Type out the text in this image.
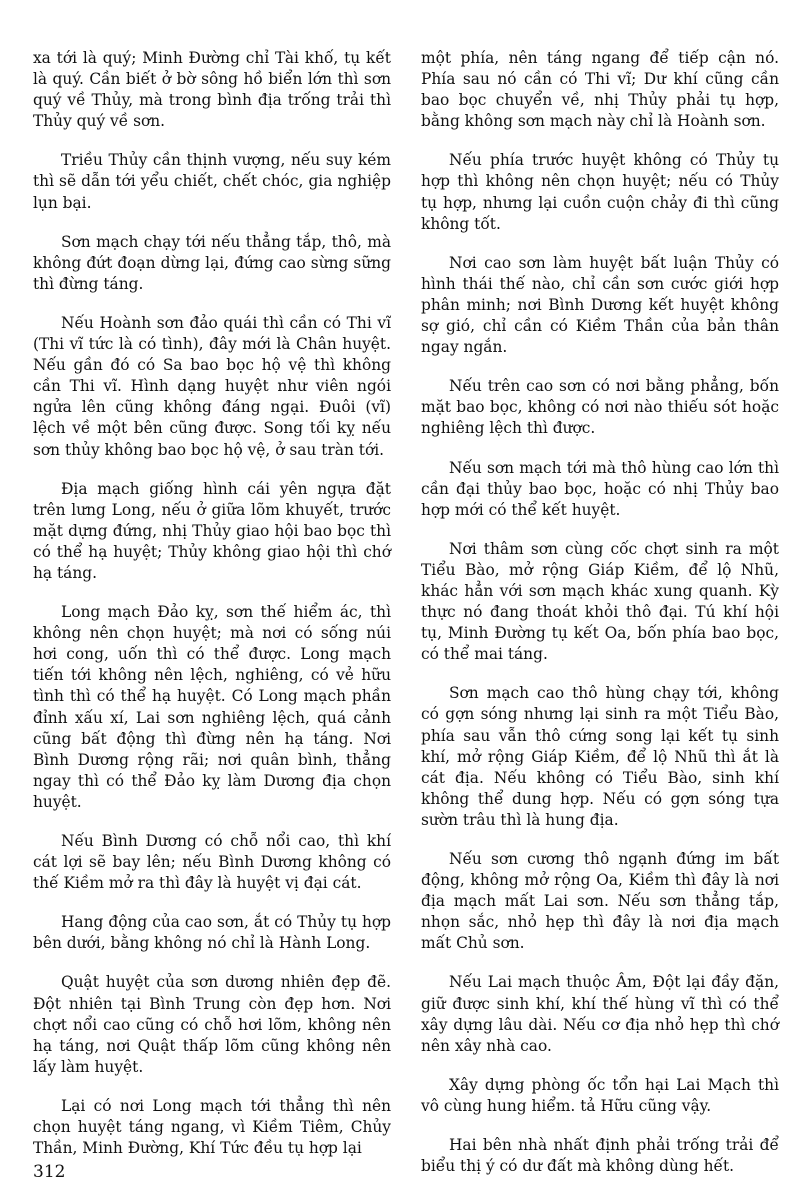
xa tới là quý; Minh Đường chỉ Tài khố, tụ kết là quý. Cần biết ở bờ sông hồ biển lớn thì sơn quý về Thủy, mà trong bình địa trống trải thì Thủy quý về sơn.

Triều Thủy cần thịnh vượng, nếu suy kém thì sẽ dẫn tới yểu chiết, chết chóc, gia nghiệp lụn bại.

Sơn mạch chạy tới nếu thẳng tắp, thô, mà không đứt đoạn dừng lại, đứng cao sừng sững thì đừng táng.

Nếu Hoành sơn đảo quái thì cần có Thi vĩ (Thi vĩ tức là có tình), đây mới là Chân huyệt. Nếu gần đó có Sa bao bọc hộ vệ thì không cần Thi vĩ. Hình dạng huyệt như viên ngói ngửa lên cũng không đáng ngại. Đuôi (vĩ) lệch về một bên cũng được. Song tối kỵ nếu sơn thủy không bao bọc hộ vệ, ở sau tràn tới.

Địa mạch giống hình cái yên ngựa đặt trên lưng Long, nếu ở giữa lõm khuyết, trước mặt dựng đứng, nhị Thủy giao hội bao bọc thì có thể hạ huyệt; Thủy không giao hội thì chớ hạ táng.

Long mạch Đảo kỵ, sơn thế hiểm ác, thì không nên chọn huyệt; mà nơi có sống núi hơi cong, uốn thì có thể được. Long mạch tiến tới không nên lệch, nghiêng, có vẻ hữu tình thì có thể hạ huyệt. Có Long mạch phần đỉnh xấu xí, Lai sơn nghiêng lệch, quá cảnh cũng bất động thì đừng nên hạ táng. Nơi Bình Dương rộng rãi; nơi quân bình, thẳng ngay thì có thể Đảo kỵ làm Dương địa chọn huyệt.

Nếu Bình Dương có chỗ nổi cao, thì khí cát lợi sẽ bay lên; nếu Bình Dương không có thế Kiềm mở ra thì đây là huyệt vị đại cát.

Hang động của cao sơn, ắt có Thủy tụ hợp bên dưới, bằng không nó chỉ là Hành Long.

Quật huyệt của sơn dương nhiên đẹp đẽ. Đột nhiên tại Bình Trung còn đẹp hơn. Nơi chợt nổi cao cũng có chỗ hơi lõm, không nên hạ táng, nơi Quật thấp lõm cũng không nên lấy làm huyệt.

Lại có nơi Long mạch tới thẳng thì nên chọn huyệt táng ngang, vì Kiềm Tiêm, Chủy Thần, Minh Đường, Khí Tức đều tụ hợp lại

một phía, nên táng ngang để tiếp cận nó. Phía sau nó cần có Thi vĩ; Dư khí cũng cần bao bọc chuyển về, nhị Thủy phải tụ hợp, bằng không sơn mạch này chỉ là Hoành sơn.

Nếu phía trước huyệt không có Thủy tụ hợp thì không nên chọn huyệt; nếu có Thủy tụ hợp, nhưng lại cuồn cuộn chảy đi thì cũng không tốt.

Nơi cao sơn làm huyệt bất luận Thủy có hình thái thế nào, chỉ cần sơn cước giới hợp phân minh; nơi Bình Dương kết huyệt không sợ gió, chỉ cần có Kiềm Thần của bản thân ngay ngắn.

Nếu trên cao sơn có nơi bằng phẳng, bốn mặt bao bọc, không có nơi nào thiếu sót hoặc nghiêng lệch thì được.

Nếu sơn mạch tới mà thô hùng cao lớn thì cần đại thủy bao bọc, hoặc có nhị Thủy bao hợp mới có thể kết huyệt.

Nơi thâm sơn cùng cốc chợt sinh ra một Tiểu Bào, mở rộng Giáp Kiềm, để lộ Nhũ, khác hẳn với sơn mạch khác xung quanh. Kỳ thực nó đang thoát khỏi thô đại. Tú khí hội tụ, Minh Đường tụ kết Oa, bốn phía bao bọc, có thể mai táng.

Sơn mạch cao thô hùng chạy tới, không có gợn sóng nhưng lại sinh ra một Tiểu Bào, phía sau vẫn thô cứng song lại kết tụ sinh khí, mở rộng Giáp Kiềm, để lộ Nhũ thì ắt là cát địa. Nếu không có Tiểu Bào, sinh khí không thể dung hợp. Nếu có gợn sóng tựa sườn trâu thì là hung địa.

Nếu sơn cương thô ngạnh đứng im bất động, không mở rộng Oa, Kiềm thì đây là nơi địa mạch mất Lai sơn. Nếu sơn thẳng tắp, nhọn sắc, nhỏ hẹp thì đây là nơi địa mạch mất Chủ sơn.

Nếu Lai mạch thuộc Âm, Đột lại đầy đặn, giữ được sinh khí, khí thế hùng vĩ thì có thể xây dựng lâu dài. Nếu cơ địa nhỏ hẹp thì chớ nên xây nhà cao.

Xây dựng phòng ốc tổn hại Lai Mạch thì vô cùng hung hiểm. tả Hữu cũng vậy.

Hai bên nhà nhất định phải trống trải để biểu thị ý có dư đất mà không dùng hết.

312
